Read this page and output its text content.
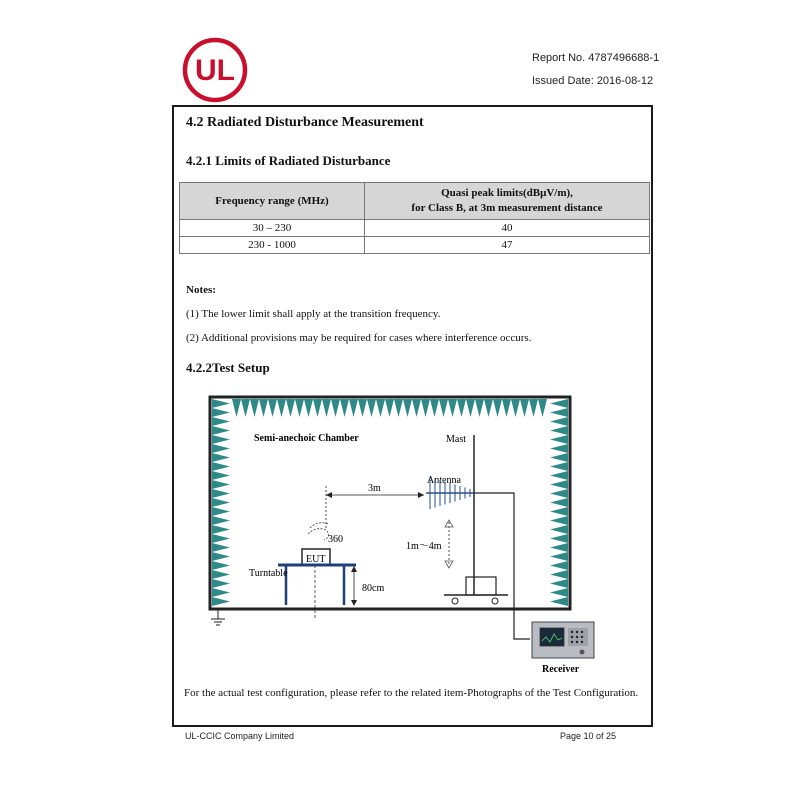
UL	Report No. 4787496688-1
Issued Date: 2016-08-12
4.2 Radiated Disturbance Measurement
4.2.1 Limits of Radiated Disturbance
Frequency range (MHz)	Quasi peak limits(dBμV/m),
for Class B, at 3m measurement distance

30 – 230	40
230 - 1000	47
Notes:
(1) The lower limit shall apply at the transition frequency.
(2) Additional provisions may be required for cases where interference occurs.
4.2.2Test Setup
Semi-anechoic Chamber	Mast
Antenna
3m
1m～4m
360
EUT
Turntable
80cm
Receiver
For the actual test configuration, please refer to the related item-Photographs of the Test Configuration.
UL-CCIC Company Limited	Page 10 of 25
